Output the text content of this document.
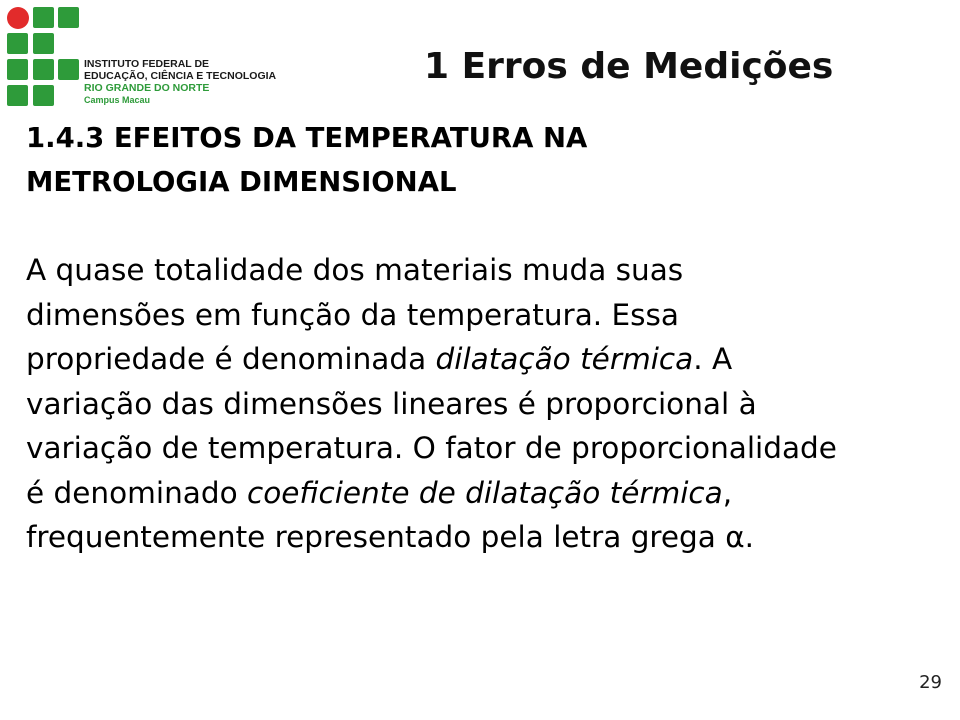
INSTITUTO FEDERAL DE
EDUCAÇÃO, CIÊNCIA E TECNOLOGIA
RIO GRANDE DO NORTE
Campus Macau
1 Erros de Medições
1.4.3 EFEITOS DA TEMPERATURA NA
METROLOGIA DIMENSIONAL
A quase totalidade dos materiais muda suas
dimensões em função da temperatura. Essa
propriedade é denominada dilatação térmica. A
variação das dimensões lineares é proporcional à
variação de temperatura. O fator de proporcionalidade
é denominado coeficiente de dilatação térmica,
frequentemente representado pela letra grega α.
29
